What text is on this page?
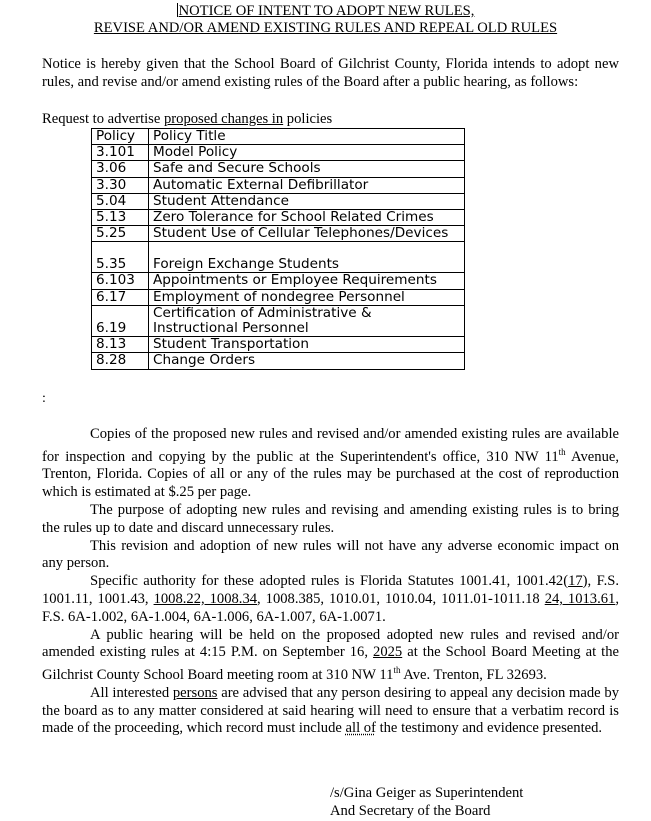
NOTICE OF INTENT TO ADOPT NEW RULES,
REVISE AND/OR AMEND EXISTING RULES AND REPEAL OLD RULES
Notice is hereby given that the School Board of Gilchrist County, Florida intends to adopt new rules, and revise and/or amend existing rules of the Board after a public hearing, as follows:
Request to advertise proposed changes in policies
Policy	Policy Title
3.101	Model Policy
3.06	Safe and Secure Schools
3.30	Automatic External Defibrillator
5.04	Student Attendance
5.13	Zero Tolerance for School Related Crimes
5.25	Student Use of Cellular Telephones/Devices
5.35	Foreign Exchange Students
6.103	Appointments or Employee Requirements
6.17	Employment of nondegree Personnel
6.19	Certification of Administrative & Instructional Personnel
8.13	Student Transportation
8.28	Change Orders
:

Copies of the proposed new rules and revised and/or amended existing rules are available for inspection and copying by the public at the Superintendent's office, 310 NW 11th Avenue, Trenton, Florida. Copies of all or any of the rules may be purchased at the cost of reproduction which is estimated at $.25 per page.

The purpose of adopting new rules and revising and amending existing rules is to bring the rules up to date and discard unnecessary rules.

This revision and adoption of new rules will not have any adverse economic impact on any person.

Specific authority for these adopted rules is Florida Statutes 1001.41, 1001.42(17), F.S. 1001.11, 1001.43, 1008.22, 1008.34, 1008.385, 1010.01, 1010.04, 1011.01-1011.18 24, 1013.61, F.S. 6A-1.002, 6A-1.004, 6A-1.006, 6A-1.007, 6A-1.0071.

A public hearing will be held on the proposed adopted new rules and revised and/or amended existing rules at 4:15 P.M. on September 16, 2025 at the School Board Meeting at the Gilchrist County School Board meeting room at 310 NW 11th Ave. Trenton, FL 32693.

All interested persons are advised that any person desiring to appeal any decision made by the board as to any matter considered at said hearing will need to ensure that a verbatim record is made of the proceeding, which record must include all of the testimony and evidence presented.

/s/Gina Geiger as Superintendent
And Secretary of the Board
